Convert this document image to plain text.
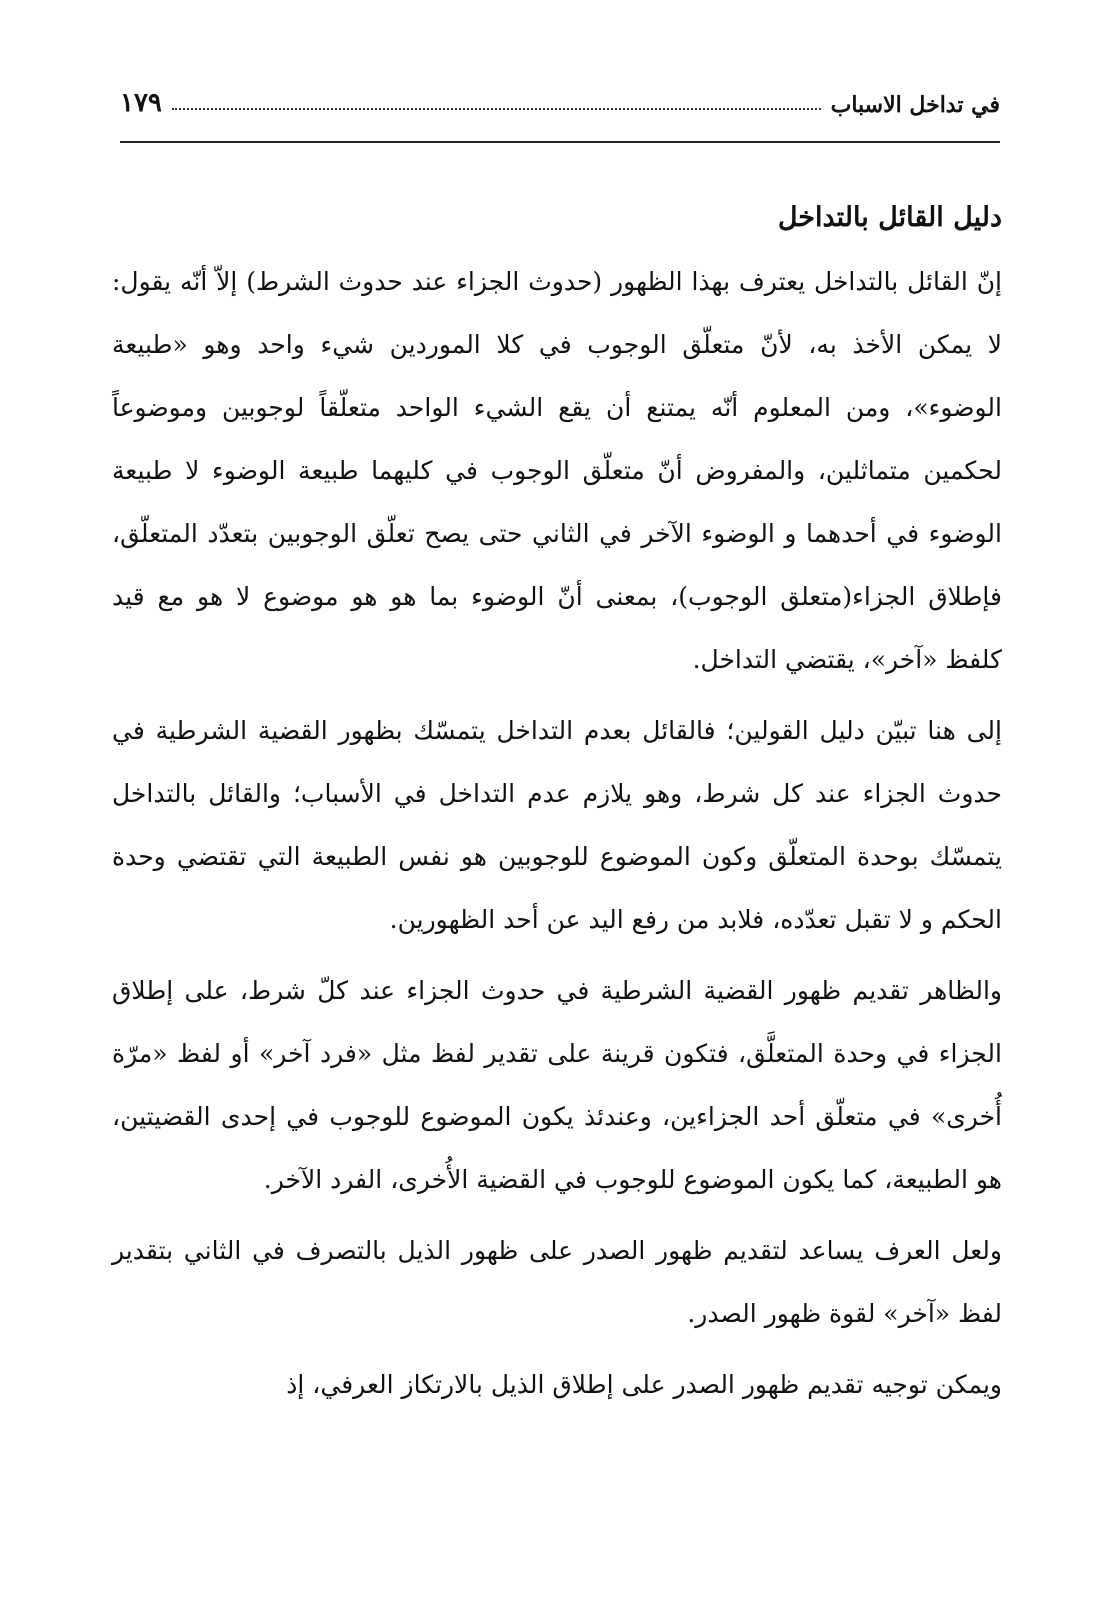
في تداخل الاسباب
١٧٩
دليل القائل بالتداخل

إنّ القائل بالتداخل يعترف بهذا الظهور (حدوث الجزاء عند حدوث الشرط) إلاّ أنّه يقول: لا يمكن الأخذ به، لأنّ متعلّق الوجوب في كلا الموردين شيء واحد وهو «طبيعة الوضوء»، ومن المعلوم أنّه يمتنع أن يقع الشيء الواحد متعلّقاً لوجوبين وموضوعاً لحكمين متماثلين، والمفروض أنّ متعلّق الوجوب في كليهما طبيعة الوضوء لا طبيعة الوضوء في أحدهما و الوضوء الآخر في الثاني حتى يصح تعلّق الوجوبين بتعدّد المتعلّق، فإطلاق الجزاء(متعلق الوجوب)، بمعنى أنّ الوضوء بما هو هو موضوع لا هو مع قيد كلفظ «آخر»، يقتضي التداخل.

إلى هنا تبيّن دليل القولين؛ فالقائل بعدم التداخل يتمسّك بظهور القضية الشرطية في حدوث الجزاء عند كل شرط، وهو يلازم عدم التداخل في الأسباب؛ والقائل بالتداخل يتمسّك بوحدة المتعلّق وكون الموضوع للوجوبين هو نفس الطبيعة التي تقتضي وحدة الحكم و لا تقبل تعدّده، فلابد من رفع اليد عن أحد الظهورين.

والظاهر تقديم ظهور القضية الشرطية في حدوث الجزاء عند كلّ شرط، على إطلاق الجزاء في وحدة المتعلَّق، فتكون قرينة على تقدير لفظ مثل «فرد آخر» أو لفظ «مرّة أُخرى» في متعلّق أحد الجزاءين، وعندئذ يكون الموضوع للوجوب في إحدى القضيتين، هو الطبيعة، كما يكون الموضوع للوجوب في القضية الأُخرى، الفرد الآخر.

ولعل العرف يساعد لتقديم ظهور الصدر على ظهور الذيل بالتصرف في الثاني بتقدير لفظ «آخر» لقوة ظهور الصدر.

ويمكن توجيه تقديم ظهور الصدر على إطلاق الذيل بالارتكاز العرفي، إذ
